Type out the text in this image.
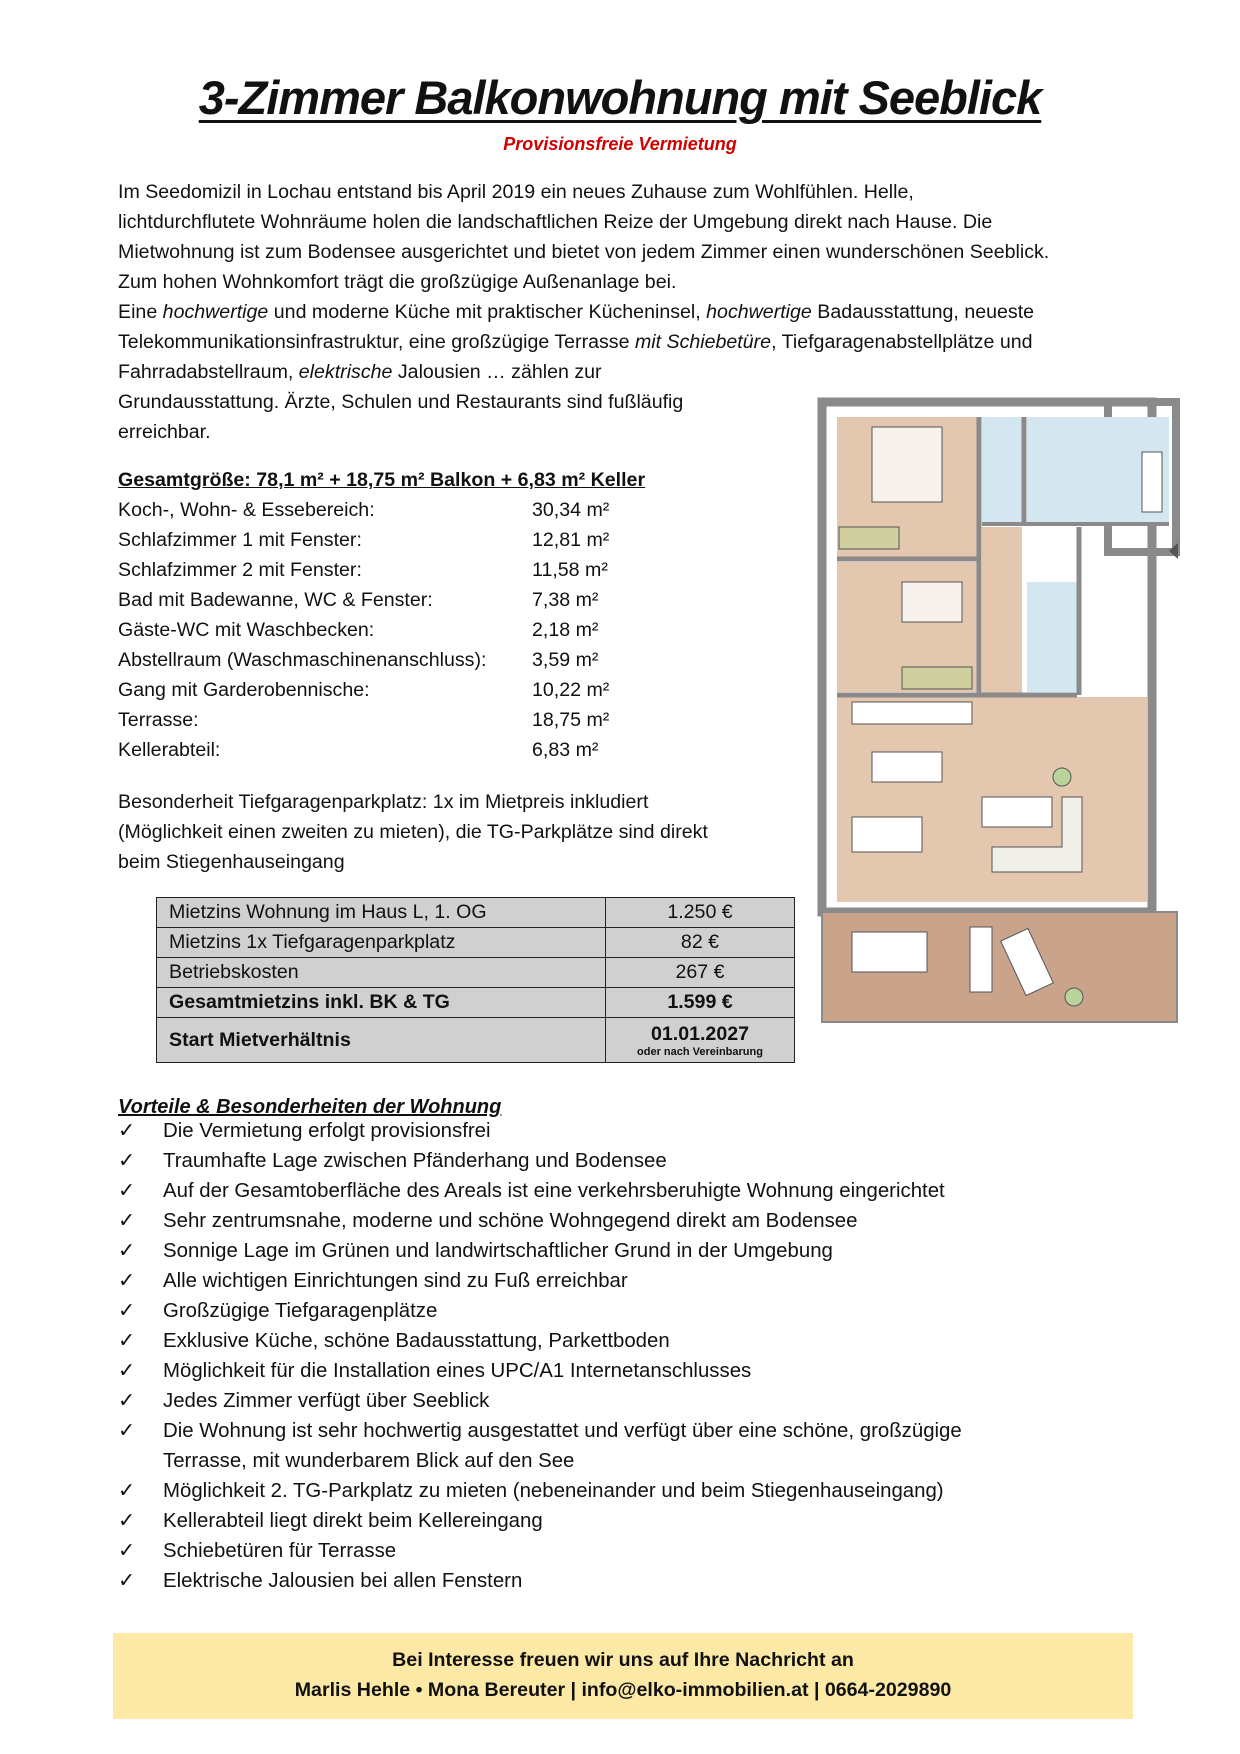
3-Zimmer Balkonwohnung mit Seeblick
Provisionsfreie Vermietung
Im Seedomizil in Lochau entstand bis April 2019 ein neues Zuhause zum Wohlfühlen. Helle,
lichtdurchflutete Wohnräume holen die landschaftlichen Reize der Umgebung direkt nach Hause. Die
Mietwohnung ist zum Bodensee ausgerichtet und bietet von jedem Zimmer einen wunderschönen Seeblick.
Zum hohen Wohnkomfort trägt die großzügige Außenanlage bei.
Eine hochwertige und moderne Küche mit praktischer Kücheninsel, hochwertige Badausstattung, neueste
Telekommunikationsinfrastruktur, eine großzügige Terrasse mit Schiebetüre, Tiefgaragenabstellplätze und
Fahrradabstellraum, elektrische Jalousien … zählen zur
Grundausstattung. Ärzte, Schulen und Restaurants sind fußläufig
erreichbar.
Gesamtgröße: 78,1 m² + 18,75 m² Balkon + 6,83 m² Keller
Koch-, Wohn- & Essebereich:	30,34 m²
Schlafzimmer 1 mit Fenster:	12,81 m²
Schlafzimmer 2 mit Fenster:	11,58 m²
Bad mit Badewanne, WC & Fenster:	7,38 m²
Gäste-WC mit Waschbecken:	2,18 m²
Abstellraum (Waschmaschinenanschluss): 3,59 m²
Gang mit Garderobennische:	10,22 m²
Terrasse:	18,75 m²
Kellerabteil:	6,83 m²
Besonderheit Tiefgaragenparkplatz: 1x im Mietpreis inkludiert
(Möglichkeit einen zweiten zu mieten), die TG-Parkplätze sind direkt
beim Stiegenhauseingang
Mietzins Wohnung im Haus L, 1. OG	1.250 €
Mietzins 1x Tiefgaragenparkplatz	82 €
Betriebskosten	267 €
Gesamtmietzins inkl. BK & TG	1.599 €
Start Mietverhältnis	01.01.2027
oder nach Vereinbarung
Vorteile & Besonderheiten der Wohnung
✓ Die Vermietung erfolgt provisionsfrei
✓ Traumhafte Lage zwischen Pfänderhang und Bodensee
✓ Auf der Gesamtoberfläche des Areals ist eine verkehrsberuhigte Wohnung eingerichtet
✓ Sehr zentrumsnahe, moderne und schöne Wohngegend direkt am Bodensee
✓ Sonnige Lage im Grünen und landwirtschaftlicher Grund in der Umgebung
✓ Alle wichtigen Einrichtungen sind zu Fuß erreichbar
✓ Großzügige Tiefgaragenplätze
✓ Exklusive Küche, schöne Badausstattung, Parkettboden
✓ Möglichkeit für die Installation eines UPC/A1 Internetanschlusses
✓ Jedes Zimmer verfügt über Seeblick
✓ Die Wohnung ist sehr hochwertig ausgestattet und verfügt über eine schöne, großzügige
Terrasse, mit wunderbarem Blick auf den See
✓ Möglichkeit 2. TG-Parkplatz zu mieten (nebeneinander und beim Stiegenhauseingang)
✓ Kellerabteil liegt direkt beim Kellereingang
✓ Schiebetüren für Terrasse
✓ Elektrische Jalousien bei allen Fenstern
Bei Interesse freuen wir uns auf Ihre Nachricht an
Marlis Hehle • Mona Bereuter | info@elko-immobilien.at | 0664-2029890
